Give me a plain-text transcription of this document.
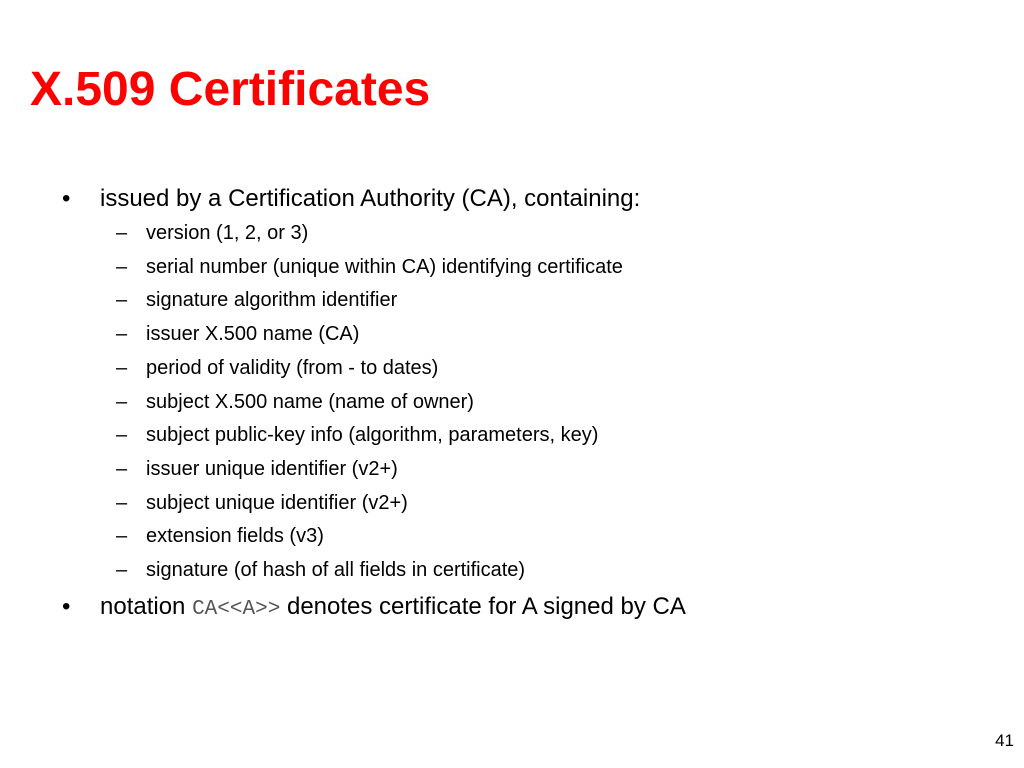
X.509 Certificates
•	issued by a Certification Authority (CA), containing:
– version (1, 2, or 3)
– serial number (unique within CA) identifying certificate
– signature algorithm identifier
– issuer X.500 name (CA)
– period of validity (from - to dates)
– subject X.500 name (name of owner)
– subject public-key info (algorithm, parameters, key)
– issuer unique identifier (v2+)
– subject unique identifier (v2+)
– extension fields (v3)
– signature (of hash of all fields in certificate)
•	notation CA<<A>> denotes certificate for A signed by CA
41
